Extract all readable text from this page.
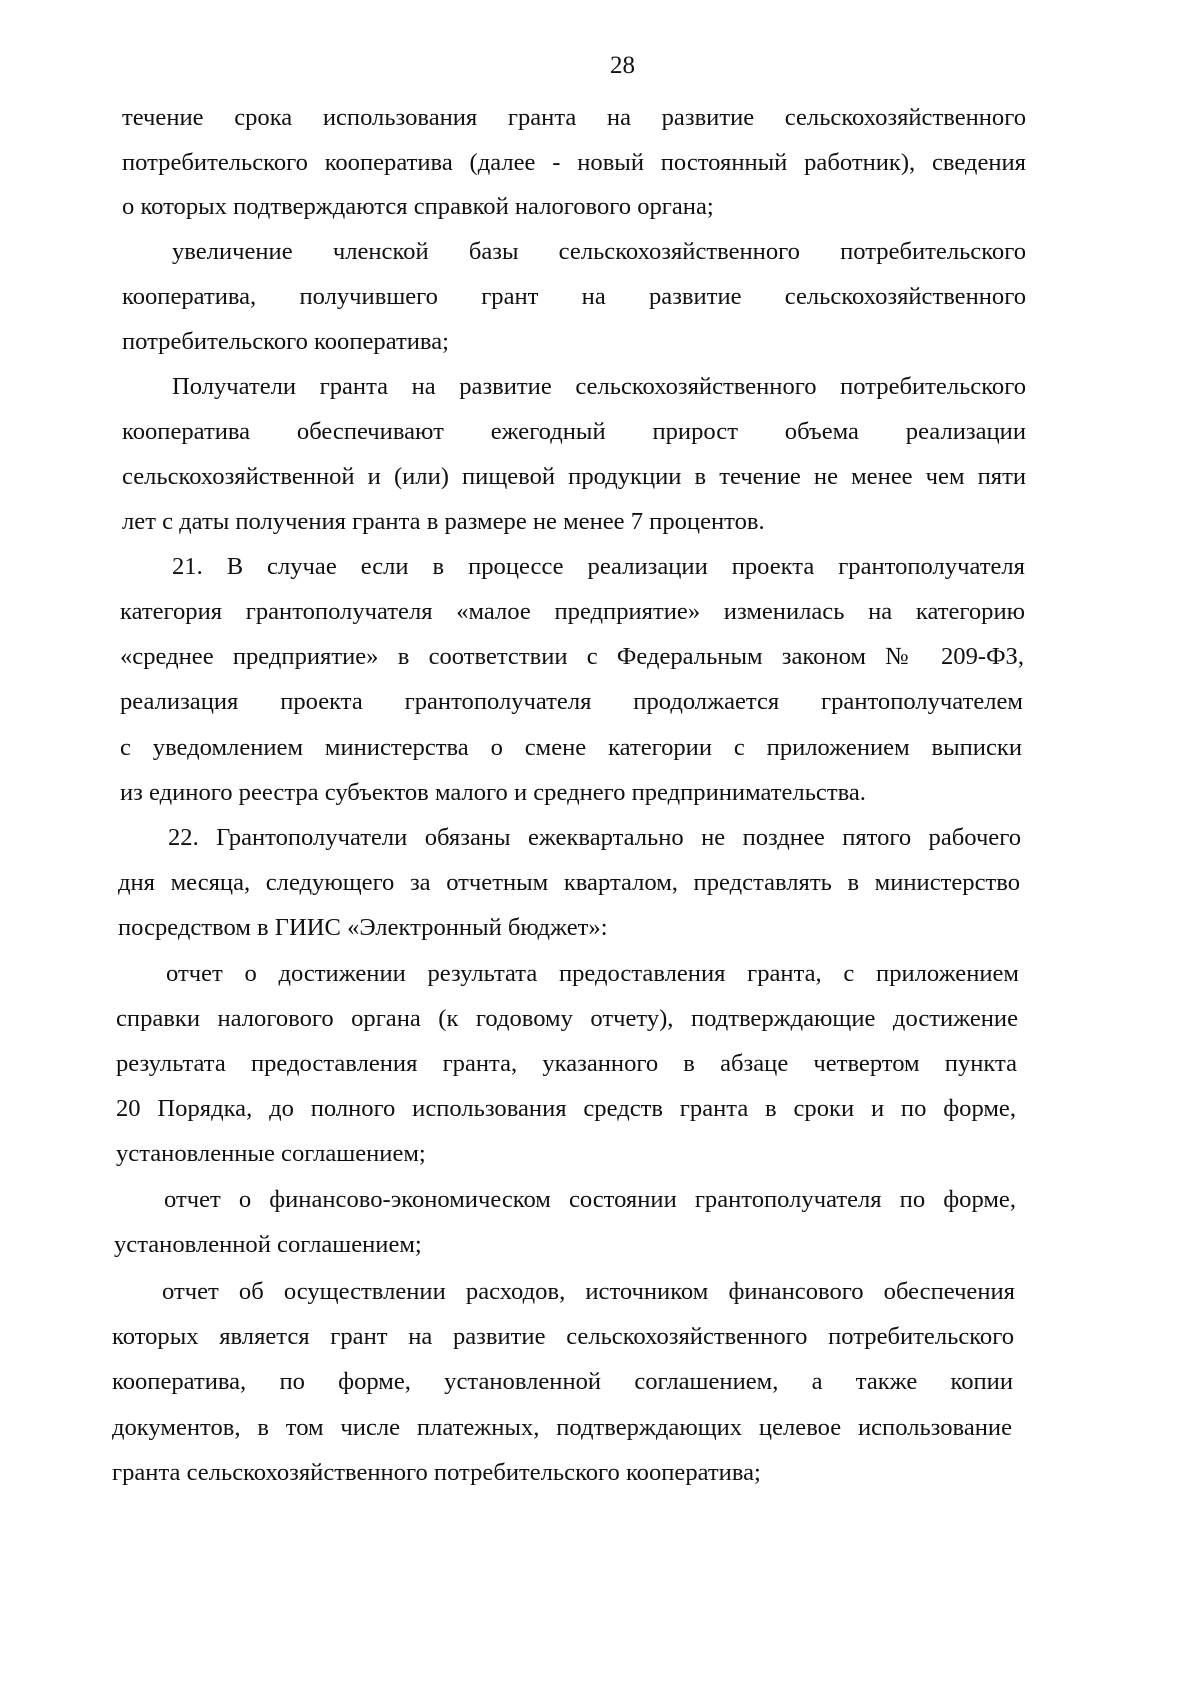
28
течение срока использования гранта на развитие сельскохозяйственного
потребительского кооператива (далее - новый постоянный работник), сведения
о которых подтверждаются справкой налогового органа;
увеличение членской базы сельскохозяйственного потребительского
кооператива, получившего грант на развитие сельскохозяйственного
потребительского кооператива;
Получатели гранта на развитие сельскохозяйственного потребительского
кооператива обеспечивают ежегодный прирост объема реализации
сельскохозяйственной и (или) пищевой продукции в течение не менее чем пяти
лет с даты получения гранта в размере не менее 7 процентов.
21. В случае если в процессе реализации проекта грантополучателя
категория грантополучателя «малое предприятие» изменилась на категорию
«среднее предприятие» в соответствии с Федеральным законом № 209-ФЗ,
реализация проекта грантополучателя продолжается грантополучателем
с уведомлением министерства о смене категории с приложением выписки
из единого реестра субъектов малого и среднего предпринимательства.
22. Грантополучатели обязаны ежеквартально не позднее пятого рабочего
дня месяца, следующего за отчетным кварталом, представлять в министерство
посредством в ГИИС «Электронный бюджет»:
отчет о достижении результата предоставления гранта, с приложением
справки налогового органа (к годовому отчету), подтверждающие достижение
результата предоставления гранта, указанного в абзаце четвертом пункта
20 Порядка, до полного использования средств гранта в сроки и по форме,
установленные соглашением;
отчет о финансово-экономическом состоянии грантополучателя по форме,
установленной соглашением;
отчет об осуществлении расходов, источником финансового обеспечения
которых является грант на развитие сельскохозяйственного потребительского
кооператива, по форме, установленной соглашением, а также копии
документов, в том числе платежных, подтверждающих целевое использование
гранта сельскохозяйственного потребительского кооператива;
